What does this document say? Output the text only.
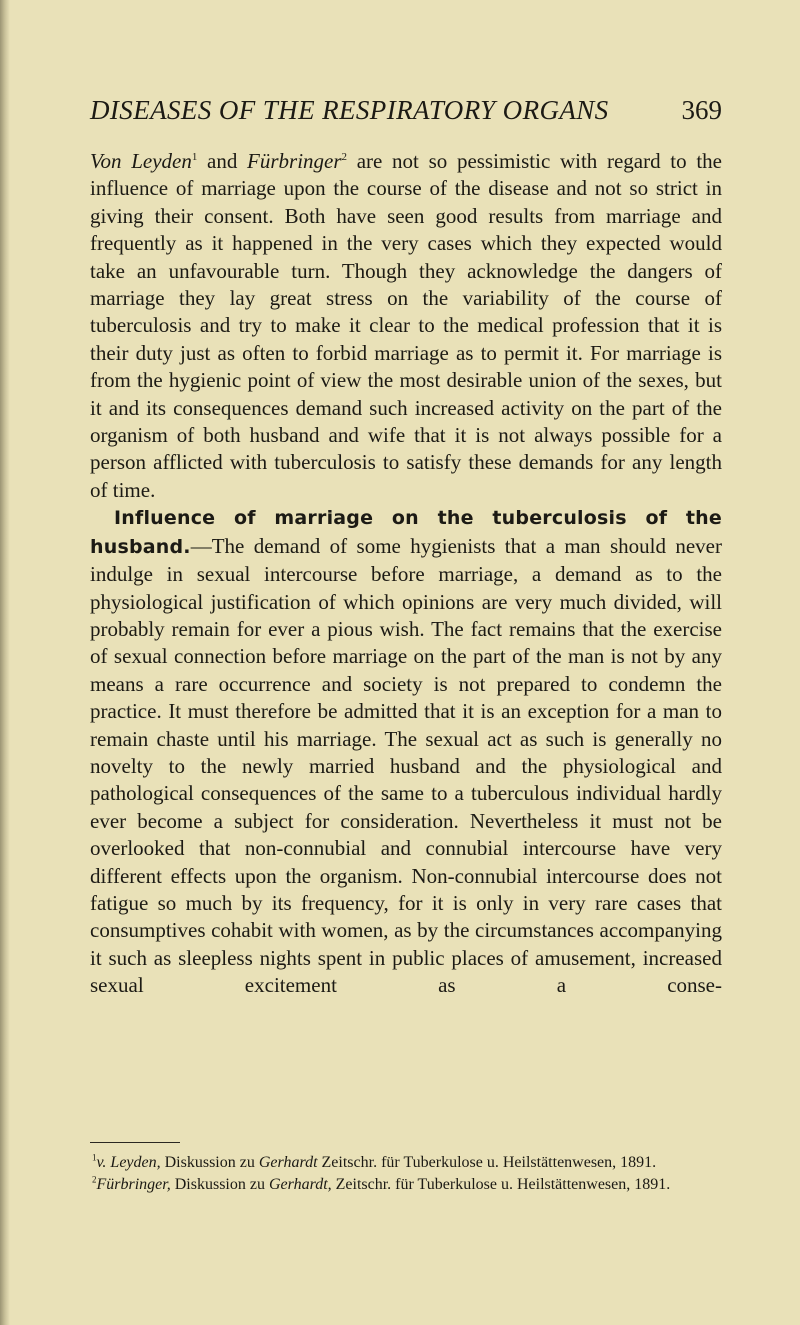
DISEASES OF THE RESPIRATORY ORGANS	369

Von Leyden$^1$ and Fürbringer$^2$ are not so pessimistic with regard to the influence of marriage upon the course of the disease and not so strict in giving their consent. Both have seen good results from marriage and frequently as it happened in the very cases which they expected would take an unfavourable turn. Though they acknowledge the dangers of marriage they lay great stress on the variability of the course of tuberculosis and try to make it clear to the medical profession that it is their duty just as often to forbid marriage as to permit it. For marriage is from the hygienic point of view the most desirable union of the sexes, but it and its consequences demand such increased activity on the part of the organism of both husband and wife that it is not always possible for a person afflicted with tuberculosis to satisfy these demands for any length of time.

Influence of marriage on the tuberculosis of the husband.—The demand of some hygienists that a man should never indulge in sexual intercourse before marriage, a demand as to the physiological justification of which opinions are very much divided, will probably remain for ever a pious wish. The fact remains that the exercise of sexual connection before marriage on the part of the man is not by any means a rare occurrence and society is not prepared to condemn the practice. It must therefore be admitted that it is an exception for a man to remain chaste until his marriage. The sexual act as such is generally no novelty to the newly married husband and the physiological and pathological consequences of the same to a tuberculous individual hardly ever become a subject for consideration. Nevertheless it must not be overlooked that non-connubial and connubial intercourse have very different effects upon the organism. Non-connubial intercourse does not fatigue so much by its frequency, for it is only in very rare cases that consumptives cohabit with women, as by the circumstances accompanying it such as sleepless nights spent in public places of amusement, increased sexual excitement as a conse-

$^1$v. Leyden, Diskussion zu Gerhardt Zeitschr. für Tuberkulose u. Heilstättenwesen, 1891.

$^2$Fürbringer, Diskussion zu Gerhardt, Zeitschr. für Tuberkulose u. Heilstättenwesen, 1891.
